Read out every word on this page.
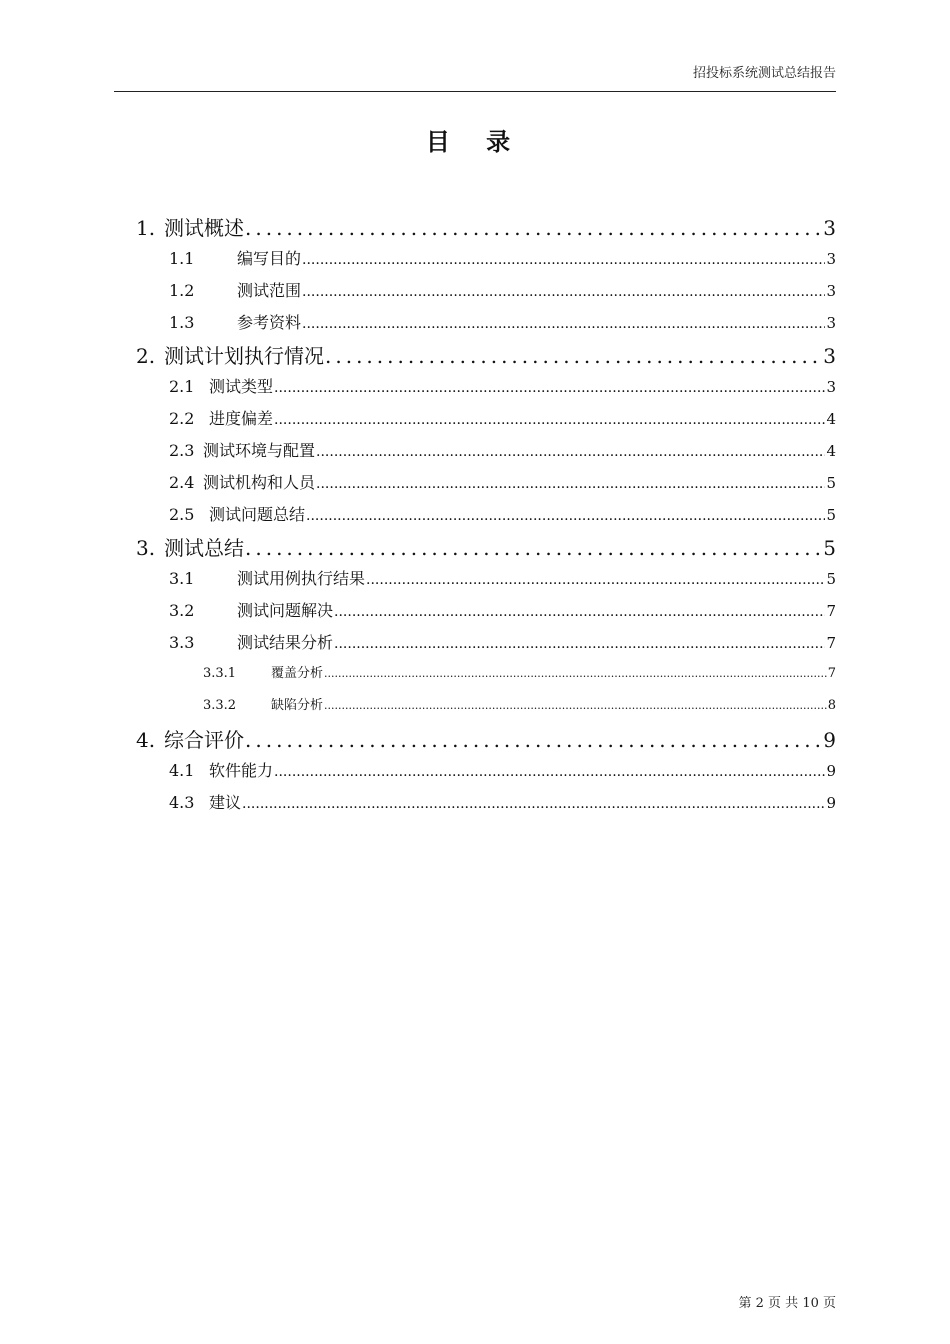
招投标系统测试总结报告
目 录
1. 测试概述 .....	3
1.1	编写目的 .....	3
1.2	测试范围 .....	3
1.3	参考资料 .....	3
2. 测试计划执行情况 .....	3
2.1 测试类型 .....	3
2.2 进度偏差 .....	4
2.3 测试环境与配置 .....	4
2.4 测试机构和人员 .....	5
2.5 测试问题总结 .....	5
3. 测试总结 .....	5
3.1	测试用例执行结果 .....	5
3.2	测试问题解决 .....	7
3.3	测试结果分析 .....	7
3.3.1	覆盖分析 .....	7
3.3.2	缺陷分析 .....	8
4. 综合评价 .....	9
4.1 软件能力 .....	9
4.3 建议 .....	9
第 2 页 共 10 页
